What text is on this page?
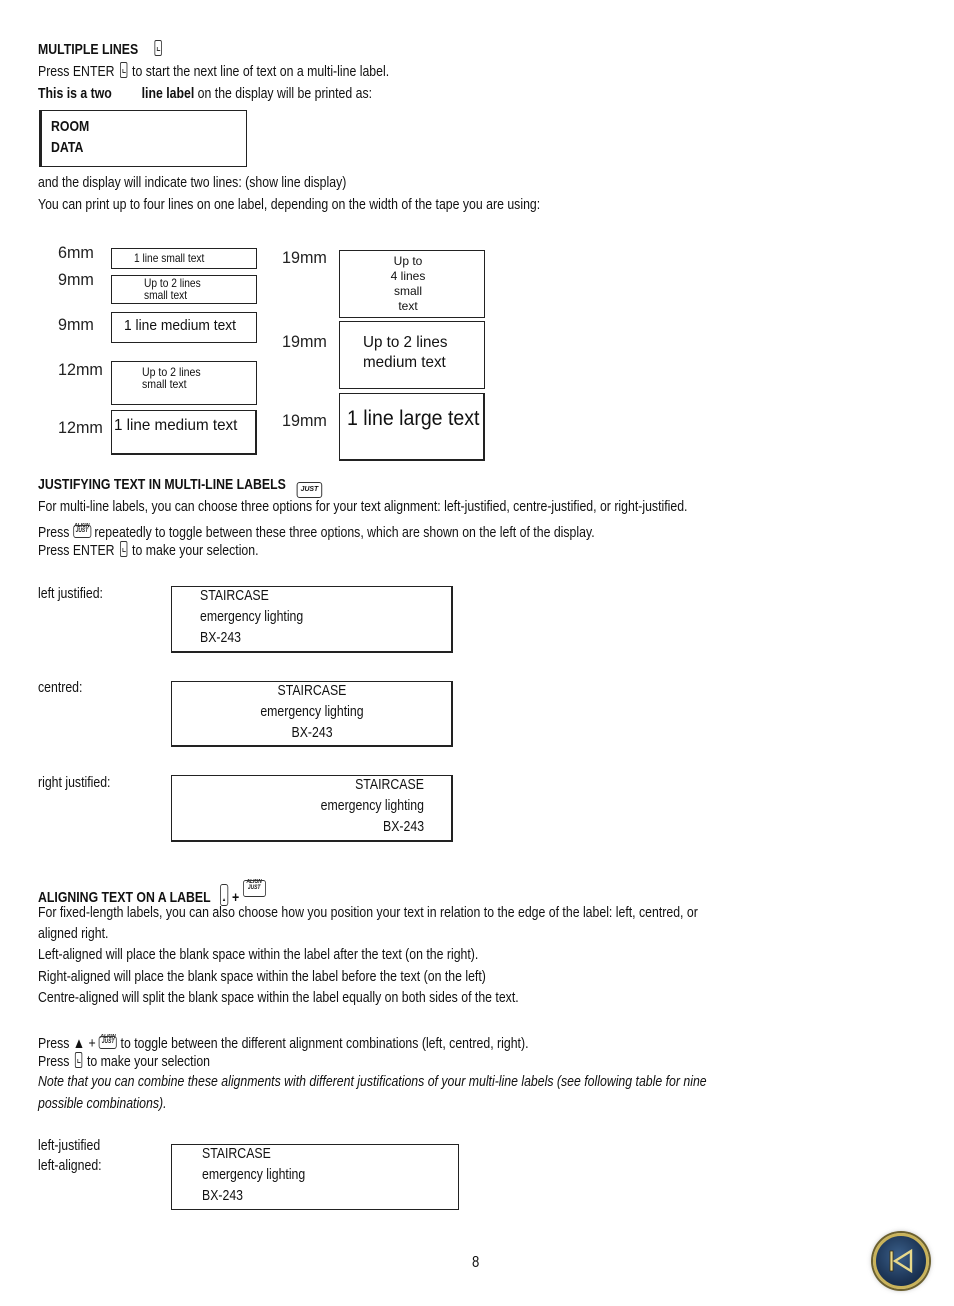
MULTIPLE LINES
Press ENTER to start the next line of text on a multi-line label.
This is a two line label on the display will be printed as:
ROOM
DATA
and the display will indicate two lines: (show line display)
You can print up to four lines on one label, depending on the width of the tape you are using:
6mm	1 line small text
9mm	Up to 2 lines
small text
9mm 1 line medium text
12mm	Up to 2 lines
small text
12mm 1 line medium text
19mm	Up to
4 lines
small
text
19mm Up to 2 lines
medium text
19mm 1 line large text
JUSTIFYING TEXT IN MULTI-LINE LABELS JUST
For multi-line labels, you can choose three options for your text alignment: left-justified, centre-justified, or right-justified.
Press ALIGN
JUST repeatedly to toggle between these three options, which are shown on the left of the display.
Press ENTER to make your selection.
left justified:	STAIRCASE
emergency lighting
BX-243
centred:	STAIRCASE
emergency lighting
BX-243
right justified:	STAIRCASE
emergency lighting
BX-243
ALIGNING TEXT ON A LABEL ▲ +
ALIGN
JUST
For fixed-length labels, you can also choose how you position your text in relation to the edge of the label: left, centred, or
aligned right.
Left-aligned will place the blank space within the label after the text (on the right).
Right-aligned will place the blank space within the label before the text (on the left)
Centre-aligned will split the blank space within the label equally on both sides of the text.
Press ▲ + ALIGN
JUST to toggle between the different alignment combinations (left, centred, right).
Press to make your selection
Note that you can combine these alignments with different justifications of your multi-line labels (see following table for nine
possible combinations).
left-justified
left-aligned:
STAIRCASE
emergency lighting
BX-243
8
